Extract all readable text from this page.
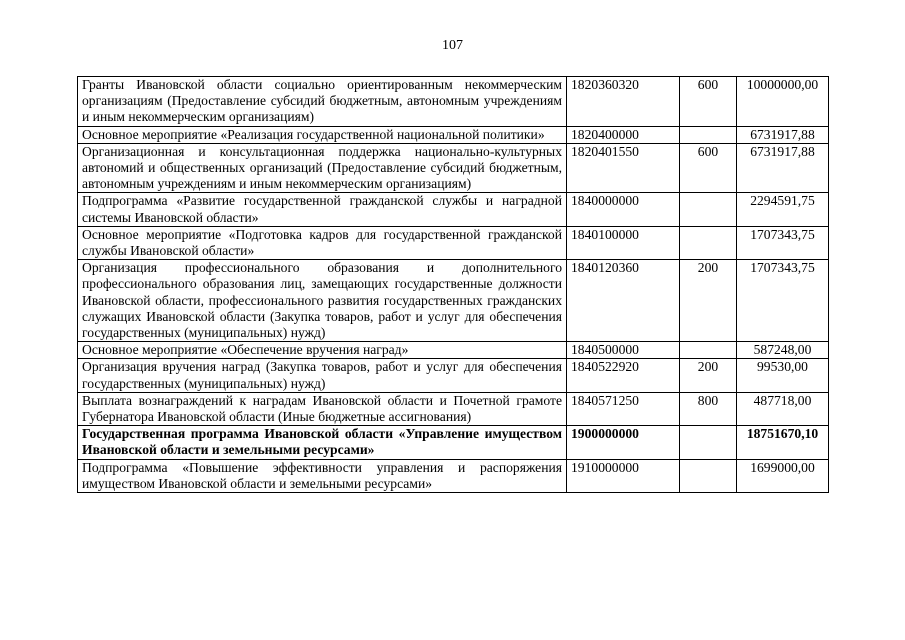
107
Гранты Ивановской области социально ориентированным некоммерческим организациям (Предоставление субсидий бюджетным, автономным учреждениям и иным некоммерческим организациям)	1820360320	600	10000000,00
Основное мероприятие «Реализация государственной национальной политики»	1820400000		6731917,88
Организационная и консультационная поддержка национально-культурных автономий и общественных организаций (Предоставление субсидий бюджетным, автономным учреждениям и иным некоммерческим организациям)	1820401550	600	6731917,88
Подпрограмма «Развитие государственной гражданской службы и наградной системы Ивановской области»	1840000000		2294591,75
Основное мероприятие «Подготовка кадров для государственной гражданской службы Ивановской области»	1840100000		1707343,75
Организация профессионального образования и дополнительного профессионального образования лиц, замещающих государственные должности Ивановской области, профессионального развития государственных гражданских служащих Ивановской области (Закупка товаров, работ и услуг для обеспечения государственных (муниципальных) нужд)	1840120360	200	1707343,75
Основное мероприятие «Обеспечение вручения наград»	1840500000		587248,00
Организация вручения наград (Закупка товаров, работ и услуг для обеспечения государственных (муниципальных) нужд)	1840522920	200	99530,00
Выплата вознаграждений к наградам Ивановской области и Почетной грамоте Губернатора Ивановской области (Иные бюджетные ассигнования)	1840571250	800	487718,00
Государственная программа Ивановской области «Управление имуществом Ивановской области и земельными ресурсами»	1900000000		18751670,10
Подпрограмма «Повышение эффективности управления и распоряжения имуществом Ивановской области и земельными ресурсами»	1910000000		1699000,00
